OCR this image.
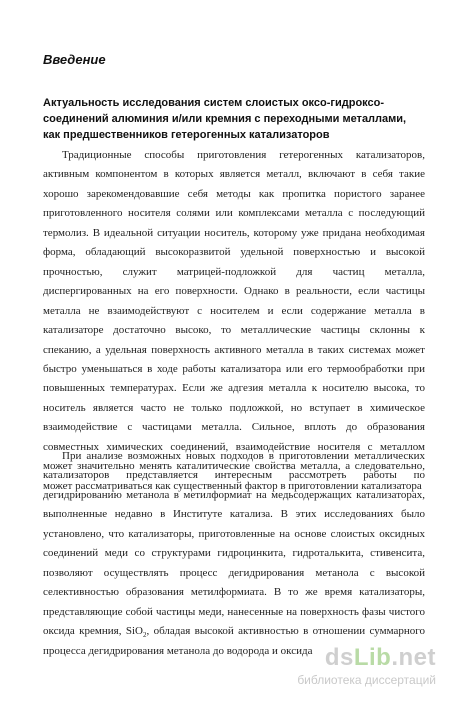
Введение
Актуальность исследования систем слоистых оксо-гидроксо-соединений алюминия и/или кремния с переходными металлами, как предшественников гетерогенных катализаторов

Традиционные способы приготовления гетерогенных катализаторов, активным компонентом в которых является металл, включают в себя такие хорошо зарекомендовавшие себя методы как пропитка пористого заранее приготовленного носителя солями или комплексами металла с последующий термолиз. В идеальной ситуации носитель, которому уже придана необходимая форма, обладающий высокоразвитой удельной поверхностью и высокой прочностью, служит матрицей-подложкой для частиц металла, диспергированных на его поверхности. Однако в реальности, если частицы металла не взаимодействуют с носителем и если содержание металла в катализаторе достаточно высоко, то металлические частицы склонны к спеканию, а удельная поверхность активного металла в таких системах может быстро уменьшаться в ходе работы катализатора или его термообработки при повышенных температурах. Если же адгезия металла к носителю высока, то носитель является часто не только подложкой, но вступает в химическое взаимодействие с частицами металла. Сильное, вплоть до образования совместных химических соединений, взаимодействие носителя с металлом может значительно менять каталитические свойства металла, а следовательно, может рассматриваться как существенный фактор в приготовлении катализатора

При анализе возможных новых подходов в приготовлении металлических катализаторов представляется интересным рассмотреть работы по дегидрированию метанола в метилформиат на медьсодержащих катализаторах, выполненные недавно в Институте катализа. В этих исследованиях было установлено, что катализаторы, приготовленные на основе слоистых оксидных соединений меди со структурами гидроцинкита, гидроталькита, стивенсита, позволяют осуществлять процесс дегидрирования метанола с высокой селективностью образования метилформиата. В то же время катализаторы, представляющие собой частицы меди, нанесенные на поверхность фазы чистого оксида кремния, SiO$_2$, обладая высокой активностью в отношении суммарного процесса дегидрирования метанола до водорода и оксида dsLib.net
библиотека диссертаций
